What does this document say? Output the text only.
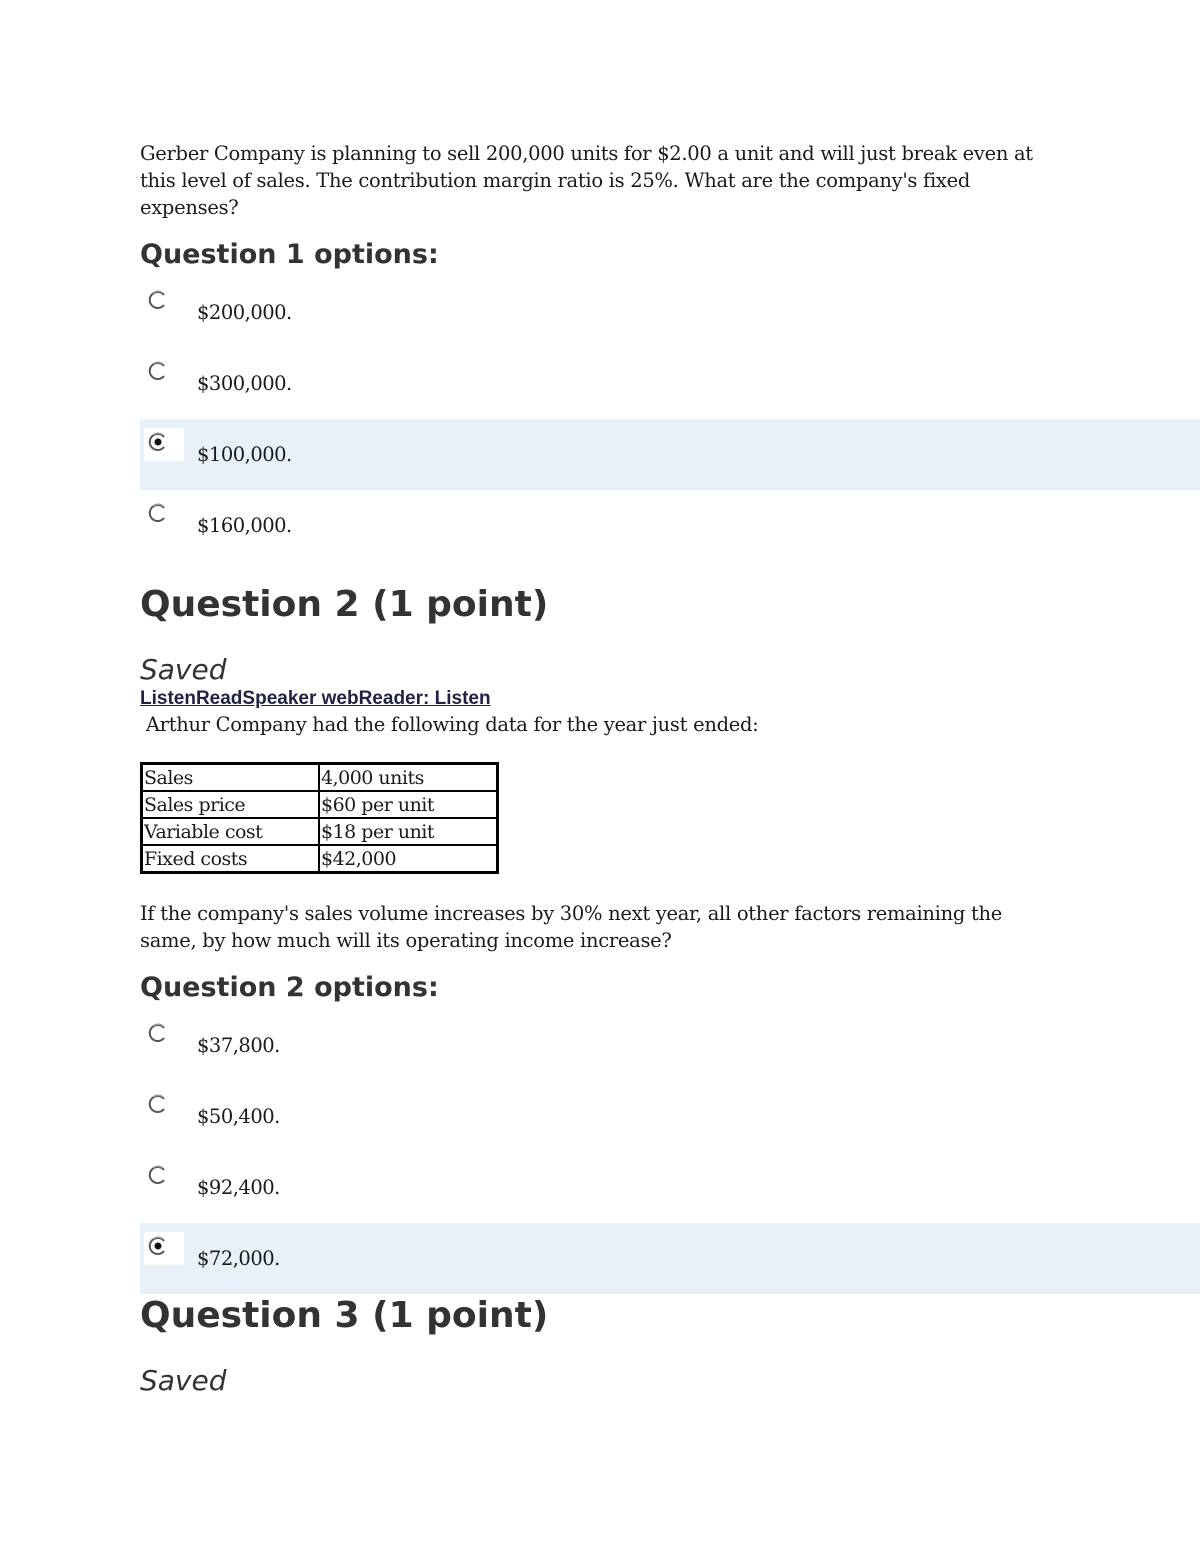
Gerber Company is planning to sell 200,000 units for $2.00 a unit and will just break even at this level of sales. The contribution margin ratio is 25%. What are the company's fixed expenses?

Question 1 options:
$200,000.
$300,000.
$100,000.
$160,000.
Question 2 (1 point)

Saved

ListenReadSpeaker webReader: Listen

Arthur Company had the following data for the year just ended:

Sales	4,000 units
Sales price	$60 per unit
Variable cost	$18 per unit
Fixed costs	$42,000

If the company's sales volume increases by 30% next year, all other factors remaining the same, by how much will its operating income increase?

Question 2 options:
$37,800.
$50,400.
$92,400.
$72,000.
Question 3 (1 point)

Saved
